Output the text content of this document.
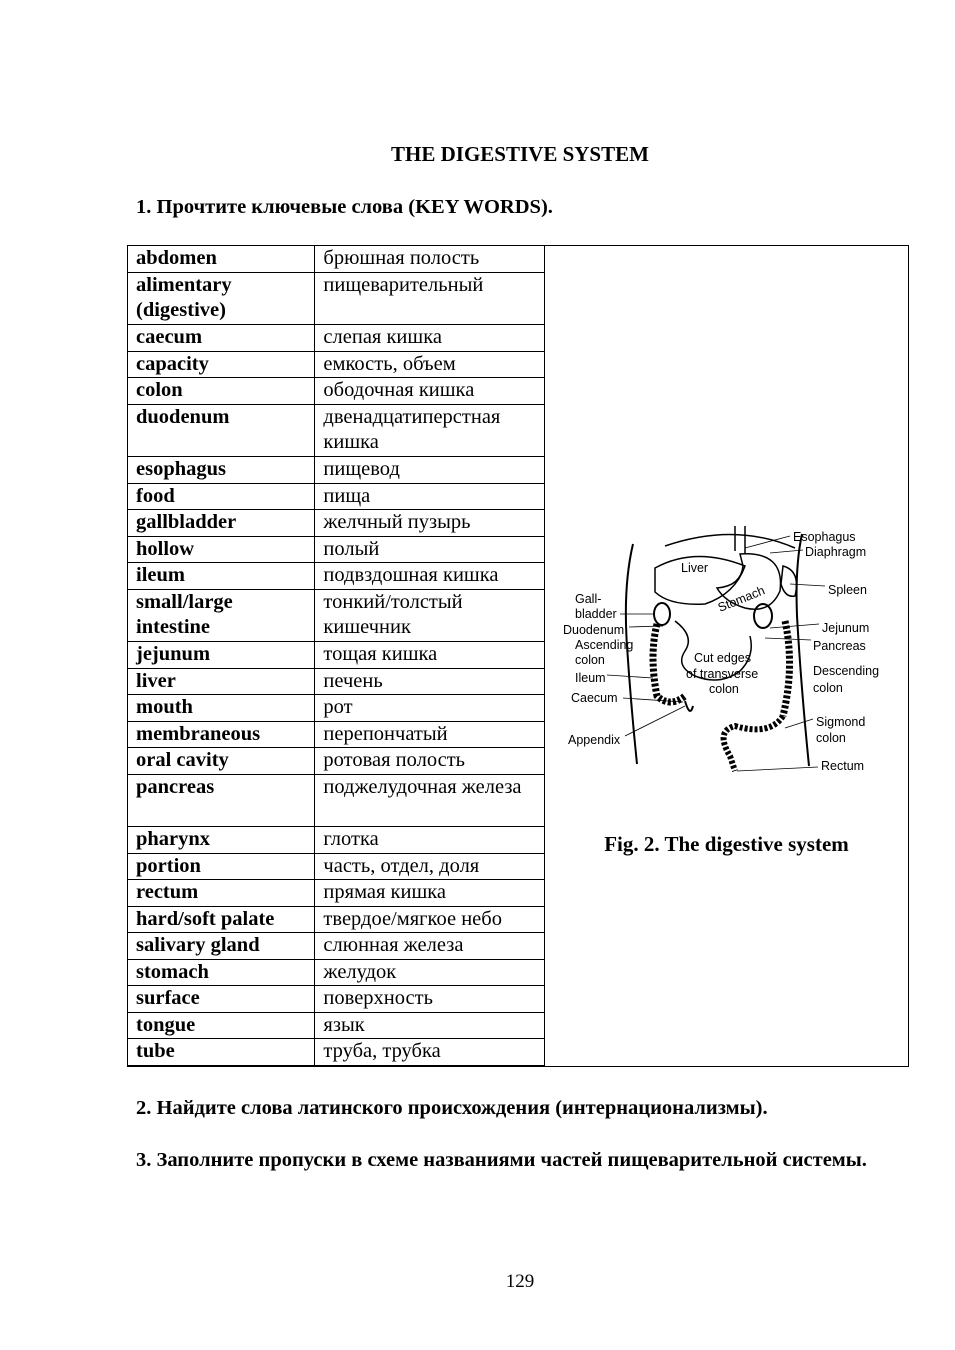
THE DIGESTIVE SYSTEM
1. Прочтите ключевые слова (KEY WORDS).
abdomen	брюшная полость
alimentary (digestive)	пищеварительный
caecum	слепая кишка
capacity	емкость, объем
colon	ободочная кишка
duodenum	двенадцатиперстная кишка
esophagus	пищевод
food	пища
gallbladder	желчный пузырь
hollow	полый
ileum	подвздошная кишка
small/large intestine	тонкий/толстый кишечник
jejunum	тощая кишка
liver	печень
mouth	рот
membraneous	перепончатый
oral cavity	ротовая полость
pancreas	поджелудочная железа
pharynx	глотка
portion	часть, отдел, доля
rectum	прямая кишка
hard/soft palate	твердое/мягкое небо
salivary gland	слюнная железа
stomach	желудок
surface	поверхность
tongue	язык
tube	труба, трубка
Esophagus
Diaphragm
Liver
Spleen
Stomach
Gall-
bladder
Duodenum	Jejunum
Ascending
colon
Pancreas
Cut edges
of transverse
colon
Ileum	Descending
colon
Caecum
Sigmond
colon
Appendix
Rectum
Fig. 2. The digestive system
2. Найдите слова латинского происхождения (интернационализмы).
3. Заполните пропуски в схеме названиями частей пищеварительной системы.
129
